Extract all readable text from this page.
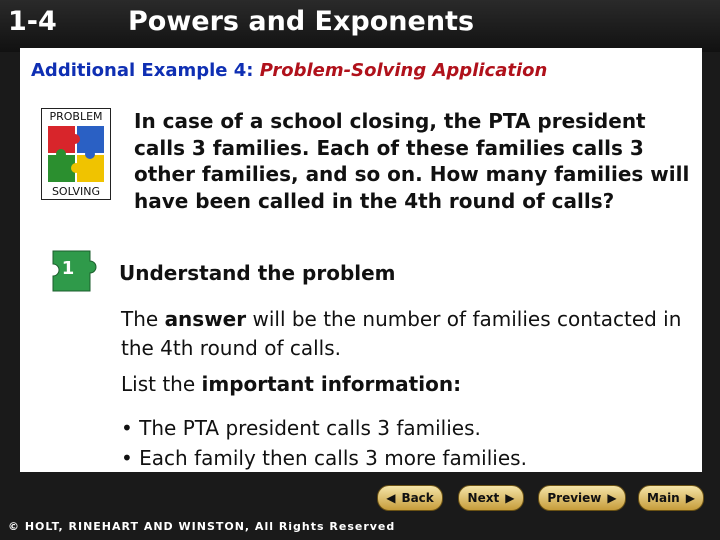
1-4	Powers and Exponents
Additional Example 4: Problem-Solving Application
PROBLEM
SOLVING
In case of a school closing, the PTA president calls 3 families. Each of these families calls 3 other families, and so on. How many families will have been called in the 4th round of calls?
1 Understand the problem
The answer will be the number of families contacted in the 4th round of calls.
List the important information:
• The PTA president calls 3 families.
• Each family then calls 3 more families.
◀ Back	Next ▶	Preview ▶	Main ▶
© HOLT, RINEHART AND WINSTON, All Rights Reserved
